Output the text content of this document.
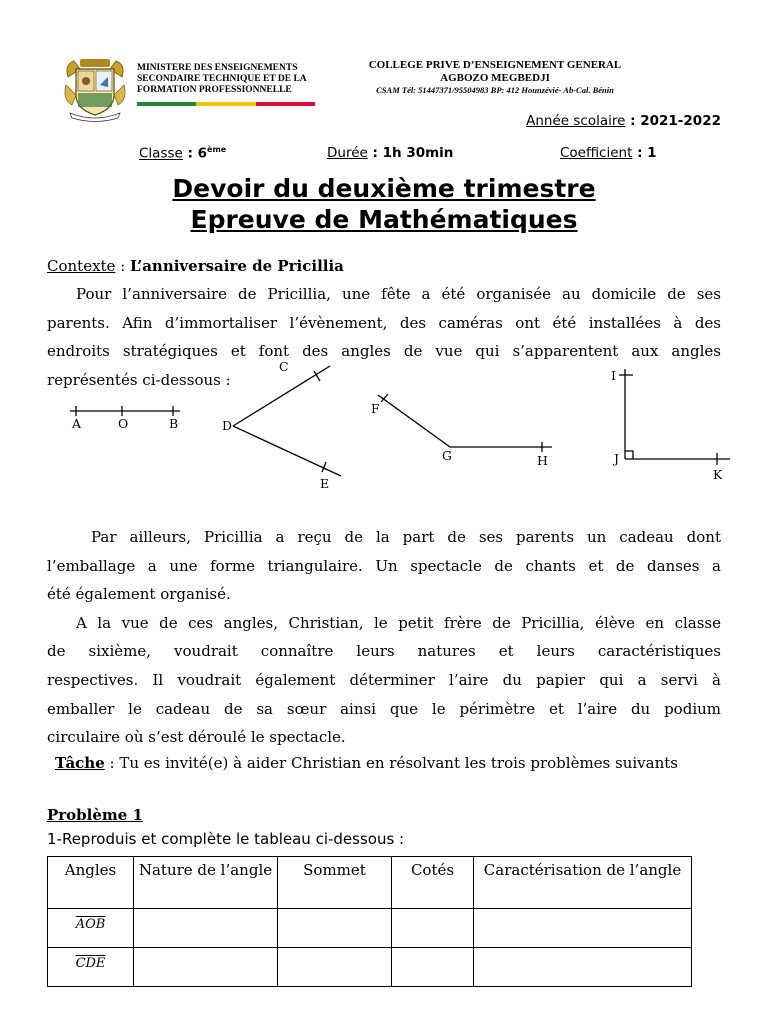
MINISTERE DES ENSEIGNEMENTS
SECONDAIRE TECHNIQUE ET DE LA
FORMATION PROFESSIONNELLE
COLLEGE PRIVE D’ENSEIGNEMENT GENERAL
AGBOZO MEGBEDJI
CSAM Tél: 51447371/95504983 BP: 412 Hounzévié- Ab-Cal. Bénin
Année scolaire : 2021-2022
Classe : 6ème	Durée : 1h 30min	Coefficient : 1
Devoir du deuxième trimestre
Epreuve de Mathématiques
Contexte : L’anniversaire de Pricillia

Pour l’anniversaire de Pricillia, une fête a été organisée au domicile de ses

parents. Afin d’immortaliser l’évènement, des caméras ont été installées à des

endroits stratégiques et font des angles de vue qui s’apparentent aux angles

représentés ci-dessous :

A	O	B
C
D
E
F
G	H
I
J
K

Par ailleurs, Pricillia a reçu de la part de ses parents un cadeau dont

l’emballage a une forme triangulaire. Un spectacle de chants et de danses a

été également organisé.

A la vue de ces angles, Christian, le petit frère de Pricillia, élève en classe

de sixième, voudrait connaître leurs natures et leurs caractéristiques

respectives. Il voudrait également déterminer l’aire du papier qui a servi à

emballer le cadeau de sa sœur ainsi que le périmètre et l’aire du podium

circulaire où s’est déroulé le spectacle.

Tâche : Tu es invité(e) à aider Christian en résolvant les trois problèmes suivants
Problème 1
1-Reproduis et complète le tableau ci-dessous :
Angles	Nature de l’angle	Sommet	Cotés	Caractérisation de l’angle
$\overline{AOB}$				
$\overline{CDE}$				
